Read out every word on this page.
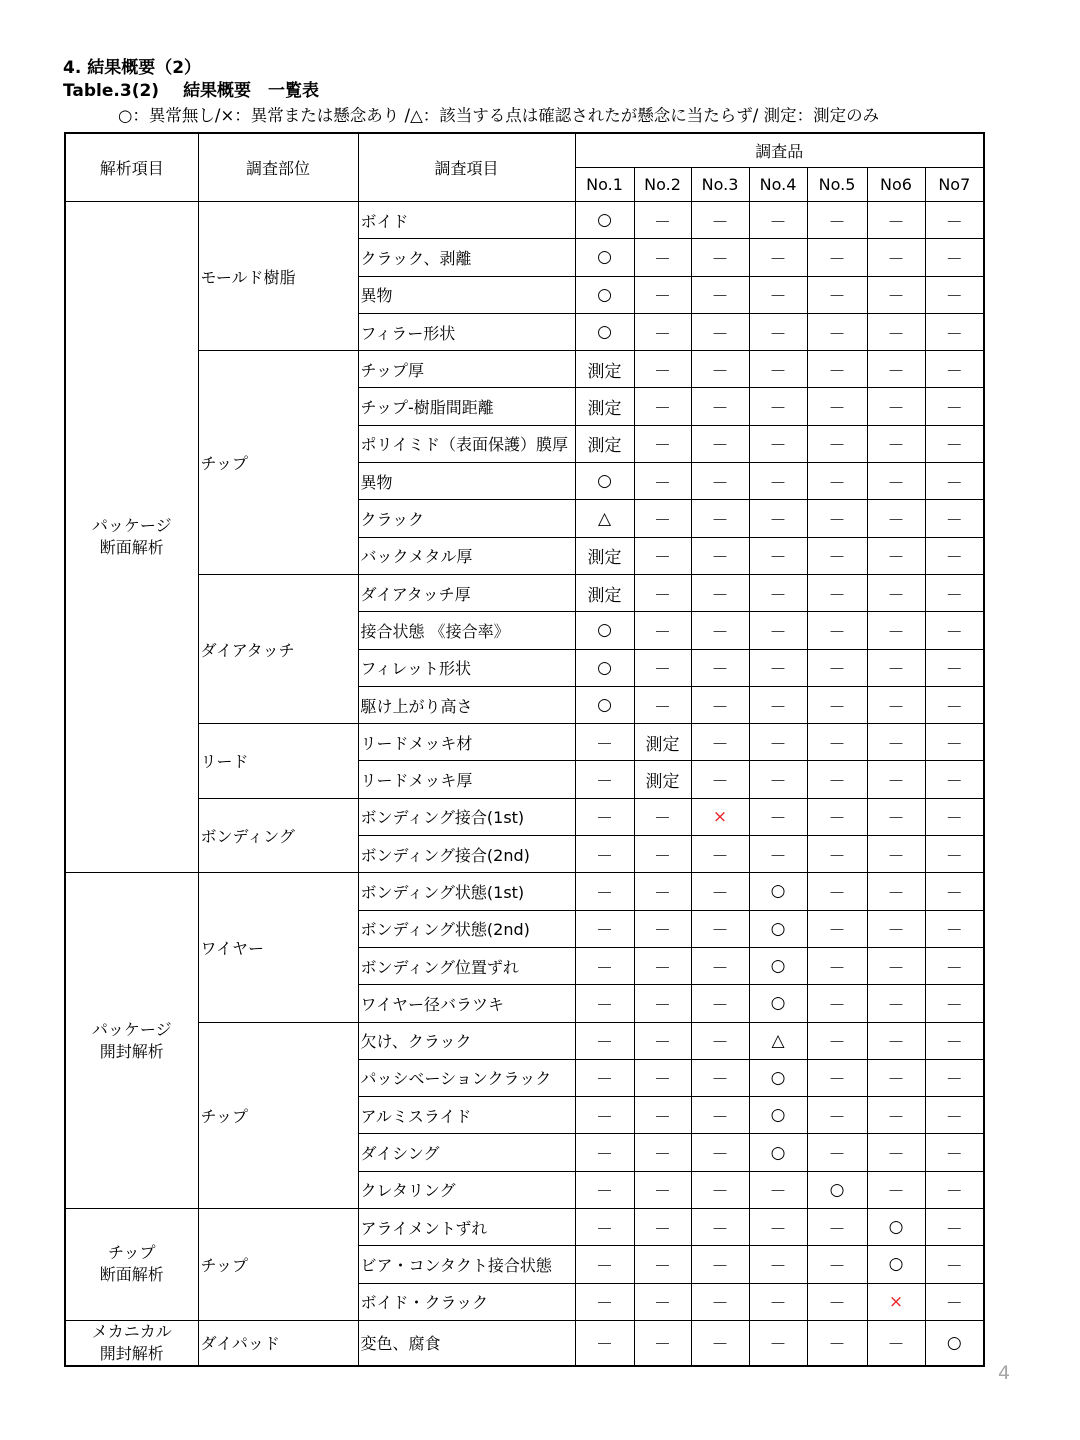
4. 結果概要（2）
Table.3(2) 結果概要　一覧表
○：異常無し/×：異常または懸念あり /△：該当する点は確認されたが懸念に当たらず/ 測定：測定のみ
解析項目	調査部位	調査項目	調査品						
			No.1	No.2	No.3	No.4	No.5	No6	No7
パッケージ
断面解析	モールド樹脂	ボイド	○	－	－	－	－	－	－
		クラック、剥離	○	－	－	－	－	－	－
		異物	○	－	－	－	－	－	－
		フィラー形状	○	－	－	－	－	－	－
	チップ	チップ厚	測定	－	－	－	－	－	－
		チップ-樹脂間距離	測定	－	－	－	－	－	－
		ポリイミド（表面保護）膜厚	測定	－	－	－	－	－	－
		異物	○	－	－	－	－	－	－
		クラック	△	－	－	－	－	－	－
		バックメタル厚	測定	－	－	－	－	－	－
	ダイアタッチ	ダイアタッチ厚	測定	－	－	－	－	－	－
		接合状態 《接合率》	○	－	－	－	－	－	－
		フィレット形状	○	－	－	－	－	－	－
		駆け上がり高さ	○	－	－	－	－	－	－
	リード	リードメッキ材	－	測定	－	－	－	－	－
		リードメッキ厚	－	測定	－	－	－	－	－
	ボンディング	ボンディング接合(1st)	－	－	×	－	－	－	－
		ボンディング接合(2nd)	－	－	－	－	－	－	－
パッケージ
開封解析	ワイヤー	ボンディング状態(1st)	－	－	－	○	－	－	－
		ボンディング状態(2nd)	－	－	－	○	－	－	－
		ボンディング位置ずれ	－	－	－	○	－	－	－
		ワイヤー径バラツキ	－	－	－	○	－	－	－
	チップ	欠け、クラック	－	－	－	△	－	－	－
		パッシベーションクラック	－	－	－	○	－	－	－
		アルミスライド	－	－	－	○	－	－	－
		ダイシング	－	－	－	○	－	－	－
		クレタリング	－	－	－	－	○	－	－
チップ
断面解析	チップ	アライメントずれ	－	－	－	－	－	○	－
		ビア・コンタクト接合状態	－	－	－	－	－	○	－
		ボイド・クラック	－	－	－	－	－	×	－
メカニカル
開封解析	ダイパッド	変色、腐食	－	－	－	－	－	－	○
4
